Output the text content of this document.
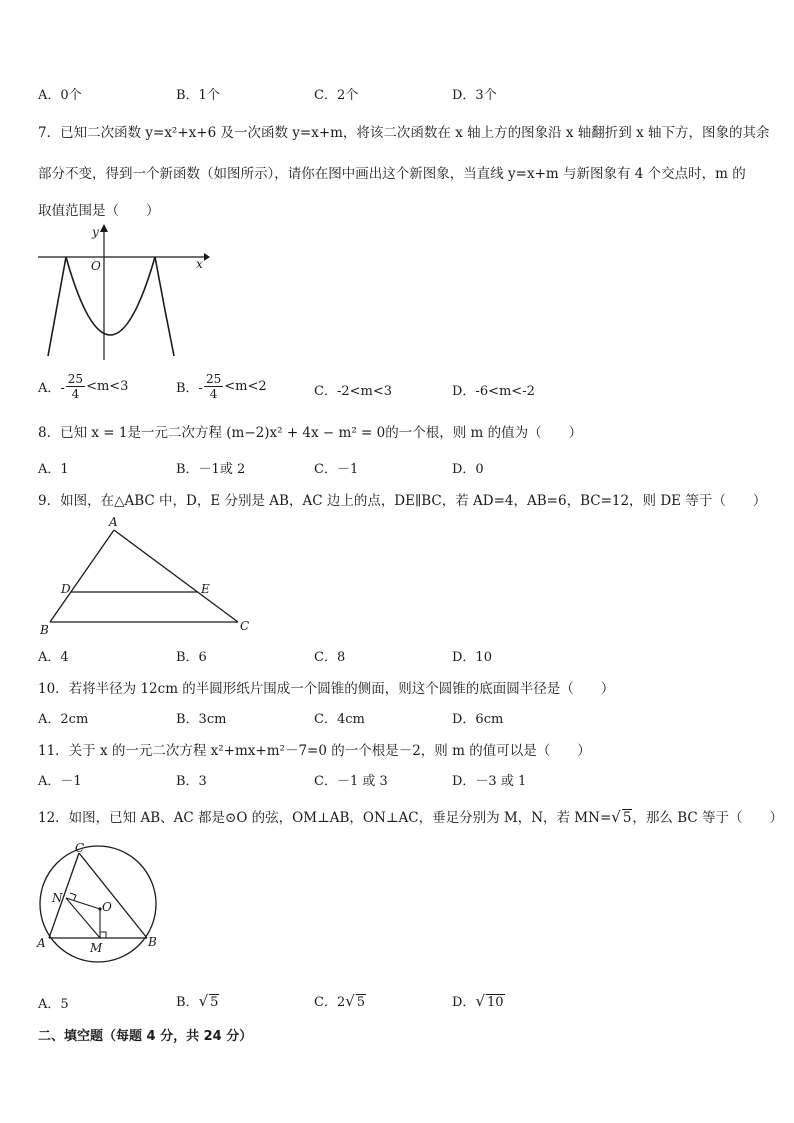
A．0个	B．1个	C．2个	D．3个
7．已知二次函数 y=x²+x+6 及一次函数 y=x+m，将该二次函数在 x 轴上方的图象沿 x 轴翻折到 x 轴下方，图象的其余
部分不变，得到一个新函数（如图所示），请你在图中画出这个新图象，当直线 y=x+m 与新图象有 4 个交点时，m 的
取值范围是（　　）
y
x
O
A．- $\frac{25}{4} <m<3$	B．- $\frac{25}{4} <m<2$	C．-2<m<3	D．-6<m<-2
8．已知 x = 1是一元二次方程 (m−2)x² + 4x − m² = 0的一个根，则 m 的值为（　　）
A．1	B．－1或 2	C．－1	D．0
9．如图，在△ABC 中，D，E 分别是 AB，AC 边上的点，DE∥BC，若 AD=4，AB=6，BC=12，则 DE 等于（　　）
A
B	C
D	E
A．4	B．6	C．8	D．10
10．若将半径为 12cm 的半圆形纸片围成一个圆锥的侧面，则这个圆锥的底面圆半径是（　　）
A．2cm	B．3cm	C．4cm	D．6cm
11．关于 x 的一元二次方程 x²+mx+m²－7=0 的一个根是－2，则 m 的值可以是（　　）
A．－1	B．3	C．－1 或 3	D．－3 或 1
12．如图，已知 AB、AC 都是⊙O 的弦，OM⊥AB，ON⊥AC，垂足分别为 M，N，若 MN=√ 5，那么 BC 等于（　　）
C
N
O
A	B
M
A．5	B．√ 5	C．2√ 5	D．√ 10
二、填空题（每题 4 分，共 24 分）
